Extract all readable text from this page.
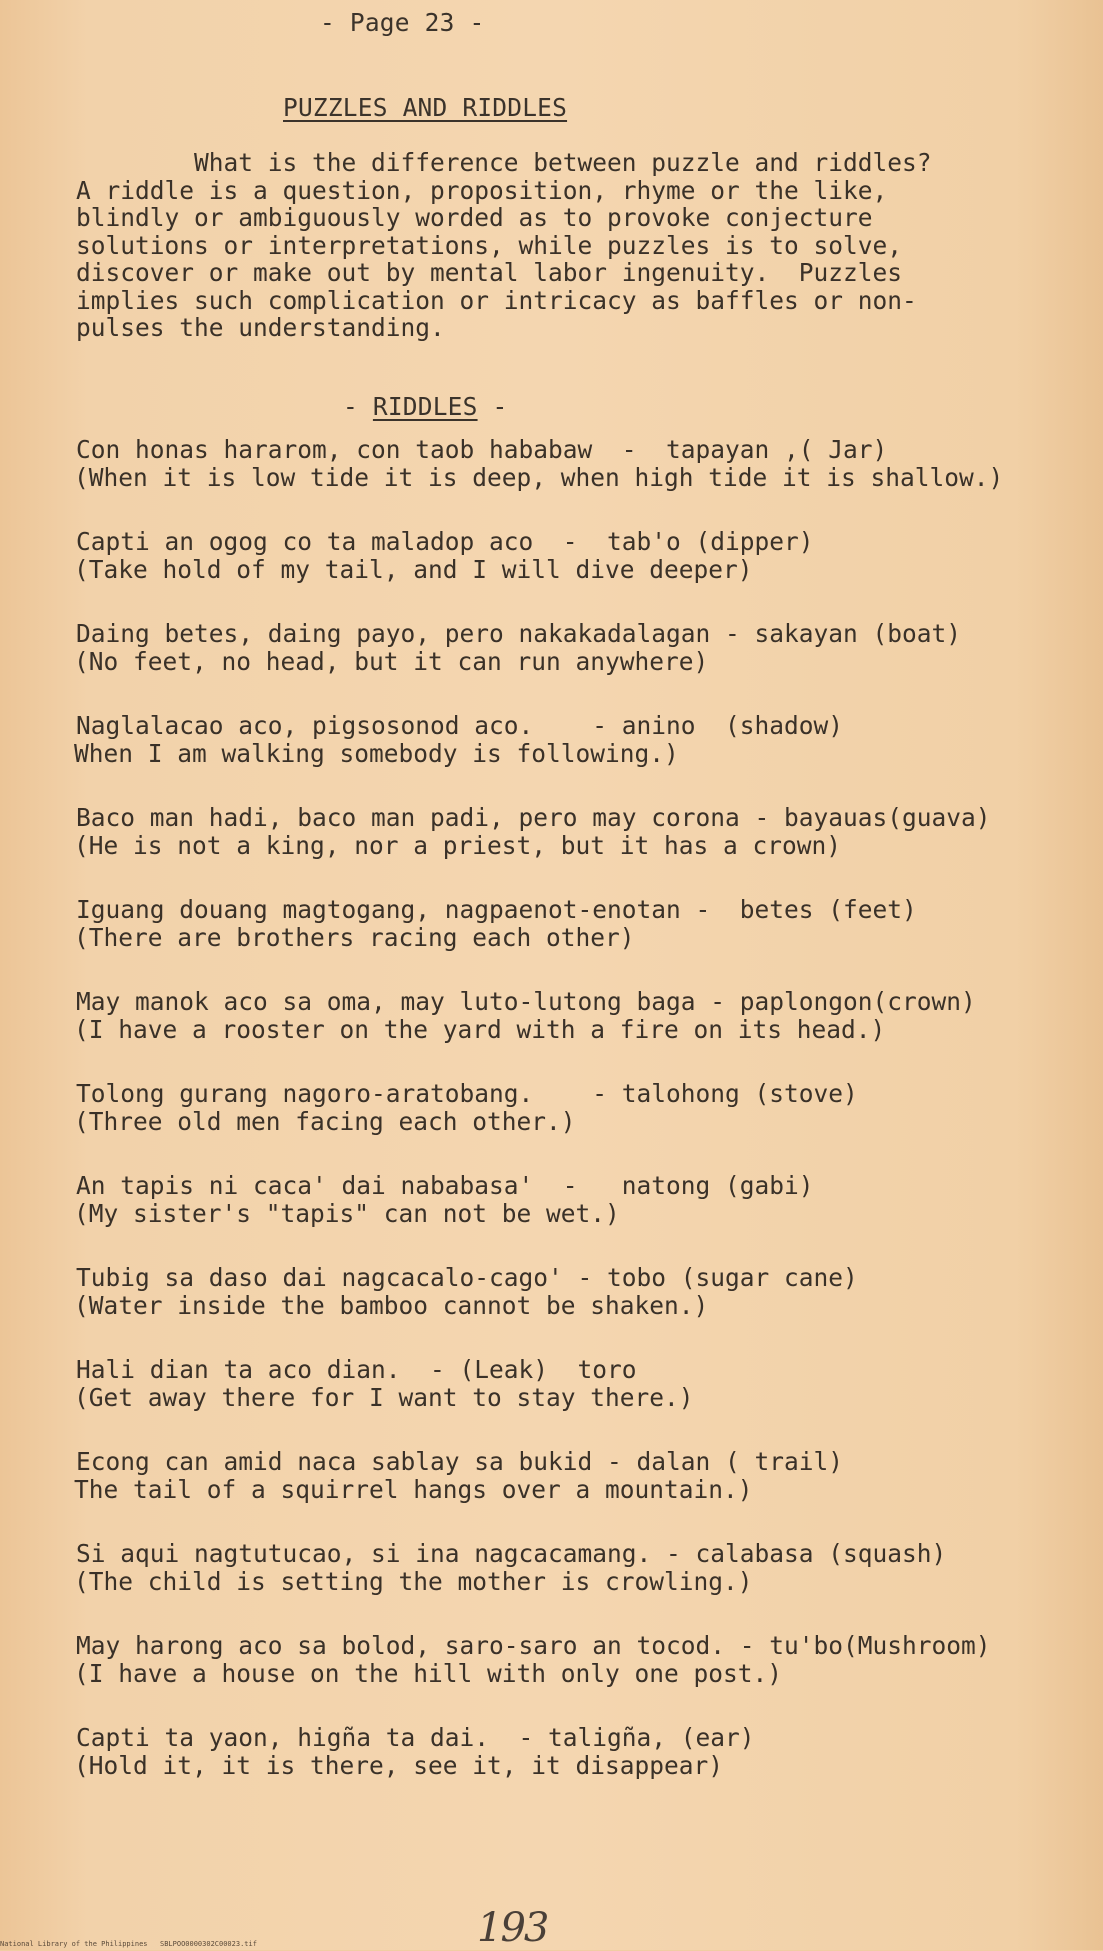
- Page 23 -
PUZZLES AND RIDDLES
What is the difference between puzzle and riddles?
A riddle is a question, proposition, rhyme or the like,
blindly or ambiguously worded as to provoke conjecture
solutions or interpretations, while puzzles is to solve,
discover or make out by mental labor ingenuity.  Puzzles
implies such complication or intricacy as baffles or non-
pulses the understanding.
- RIDDLES -
Con honas hararom, con taob hababaw  -  tapayan ,( Jar)
(When it is low tide it is deep, when high tide it is shallow.)
Capti an ogog co ta maladop aco  -  tab'o (dipper)
(Take hold of my tail, and I will dive deeper)
Daing betes, daing payo, pero nakakadalagan - sakayan (boat)
(No feet, no head, but it can run anywhere)
Naglalacao aco, pigsosonod aco.    - anino  (shadow)
When I am walking somebody is following.)
Baco man hadi, baco man padi, pero may corona - bayauas(guava)
(He is not a king, nor a priest, but it has a crown)
Iguang douang magtogang, nagpaenot-enotan -  betes (feet)
(There are brothers racing each other)
May manok aco sa oma, may luto-lutong baga - paplongon(crown)
(I have a rooster on the yard with a fire on its head.)
Tolong gurang nagoro-aratobang.    - talohong (stove)
(Three old men facing each other.)
An tapis ni caca' dai nababasa'  -   natong (gabi)
(My sister's "tapis" can not be wet.)
Tubig sa daso dai nagcacalo-cago' - tobo (sugar cane)
(Water inside the bamboo cannot be shaken.)
Hali dian ta aco dian.  - (Leak)  toro
(Get away there for I want to stay there.)
Econg can amid naca sablay sa bukid - dalan ( trail)
The tail of a squirrel hangs over a mountain.)
Si aqui nagtutucao, si ina nagcacamang. - calabasa (squash)
(The child is setting the mother is crowling.)
May harong aco sa bolod, saro-saro an tocod. - tu'bo(Mushroom)
(I have a house on the hill with only one post.)
Capti ta yaon, higña ta dai.  - taligña, (ear)
(Hold it, it is there, see it, it disappear)
193
National Library of the Philippines SBLPOO0000302C00023.tif
